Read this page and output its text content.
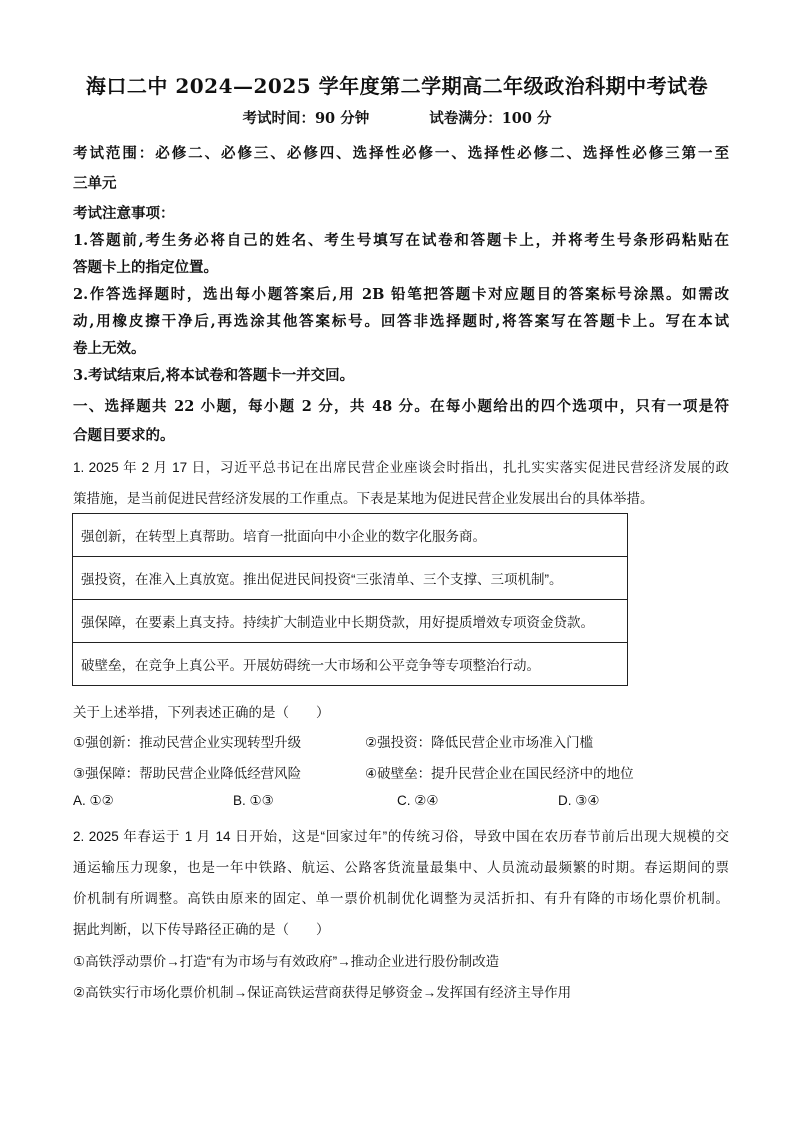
海口二中 2024—2025 学年度第二学期高二年级政治科期中考试卷
考试时间：90 分钟	试卷满分：100 分
考试范围：必修二、必修三、必修四、选择性必修一、选择性必修二、选择性必修三第一至
三单元
考试注意事项：
1.答题前,考生务必将自己的姓名、考生号填写在试卷和答题卡上，并将考生号条形码粘贴在
答题卡上的指定位置。
2.作答选择题时，选出每小题答案后,用 2B 铅笔把答题卡对应题目的答案标号涂黑。如需改
动,用橡皮擦干净后,再选涂其他答案标号。回答非选择题时,将答案写在答题卡上。写在本试
卷上无效。
3.考试结束后,将本试卷和答题卡一并交回。
一、选择题共 22 小题，每小题 2 分，共 48 分。在每小题给出的四个选项中，只有一项是符
合题目要求的。
1. 2025 年 2 月 17 日，习近平总书记在出席民营企业座谈会时指出，扎扎实实落实促进民营经济发展的政
策措施，是当前促进民营经济发展的工作重点。下表是某地为促进民营企业发展出台的具体举措。
强创新，在转型上真帮助。培育一批面向中小企业的数字化服务商。
强投资，在准入上真放宽。推出促进民间投资“三张清单、三个支撑、三项机制”。
强保障，在要素上真支持。持续扩大制造业中长期贷款，用好提质增效专项资金贷款。
破壁垒，在竞争上真公平。开展妨碍统一大市场和公平竞争等专项整治行动。
关于上述举措，下列表述正确的是（　　）
①强创新：推动民营企业实现转型升级	②强投资：降低民营企业市场准入门槛
③强保障：帮助民营企业降低经营风险	④破壁垒：提升民营企业在国民经济中的地位
A. ①②	B. ①③	C. ②④	D. ③④
2. 2025 年春运于 1 月 14 日开始，这是“回家过年”的传统习俗，导致中国在农历春节前后出现大规模的交
通运输压力现象，也是一年中铁路、航运、公路客货流量最集中、人员流动最频繁的时期。春运期间的票
价机制有所调整。高铁由原来的固定、单一票价机制优化调整为灵活折扣、有升有降的市场化票价机制。
据此判断，以下传导路径正确的是（　　）
①高铁浮动票价→打造“有为市场与有效政府”→推动企业进行股份制改造
②高铁实行市场化票价机制→保证高铁运营商获得足够资金→发挥国有经济主导作用
